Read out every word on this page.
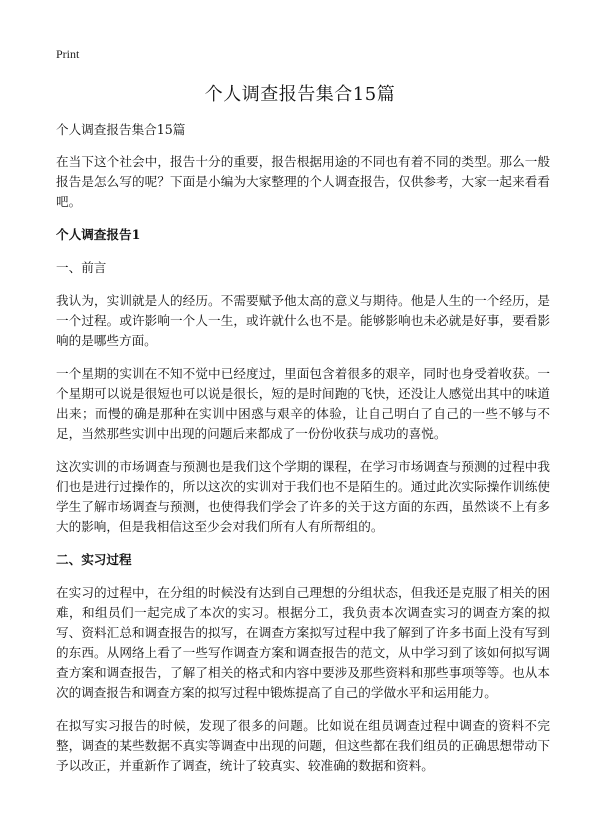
Print
个人调查报告集合15篇

个人调查报告集合15篇

在当下这个社会中，报告十分的重要，报告根据用途的不同也有着不同的类型。那么一般报告是怎么写的呢？下面是小编为大家整理的个人调查报告，仅供参考，大家一起来看看吧。

个人调查报告1

一、前言

我认为，实训就是人的经历。不需要赋予他太高的意义与期待。他是人生的一个经历，是一个过程。或许影响一个人一生，或许就什么也不是。能够影响也未必就是好事，要看影响的是哪些方面。

一个星期的实训在不知不觉中已经度过，里面包含着很多的艰辛，同时也身受着收获。一个星期可以说是很短也可以说是很长，短的是时间跑的飞快，还没让人感觉出其中的味道出来；而慢的确是那种在实训中困惑与艰辛的体验，让自己明白了自己的一些不够与不足，当然那些实训中出现的问题后来都成了一份份收获与成功的喜悦。

这次实训的市场调查与预测也是我们这个学期的课程，在学习市场调查与预测的过程中我们也是进行过操作的，所以这次的实训对于我们也不是陌生的。通过此次实际操作训练使学生了解市场调查与预测，也使得我们学会了许多的关于这方面的东西，虽然谈不上有多大的影响，但是我相信这至少会对我们所有人有所帮组的。

二、实习过程

在实习的过程中，在分组的时候没有达到自己理想的分组状态，但我还是克服了相关的困难，和组员们一起完成了本次的实习。根据分工，我负责本次调查实习的调查方案的拟写、资料汇总和调查报告的拟写，在调查方案拟写过程中我了解到了许多书面上没有写到的东西。从网络上看了一些写作调查方案和调查报告的范文，从中学习到了该如何拟写调查方案和调查报告，了解了相关的格式和内容中要涉及那些资料和那些事项等等。也从本次的调查报告和调查方案的拟写过程中锻炼提高了自己的学做水平和运用能力。

在拟写实习报告的时候，发现了很多的问题。比如说在组员调查过程中调查的资料不完整，调查的某些数据不真实等调查中出现的问题，但这些都在我们组员的正确思想带动下予以改正，并重新作了调查，统计了较真实、较准确的数据和资料。
